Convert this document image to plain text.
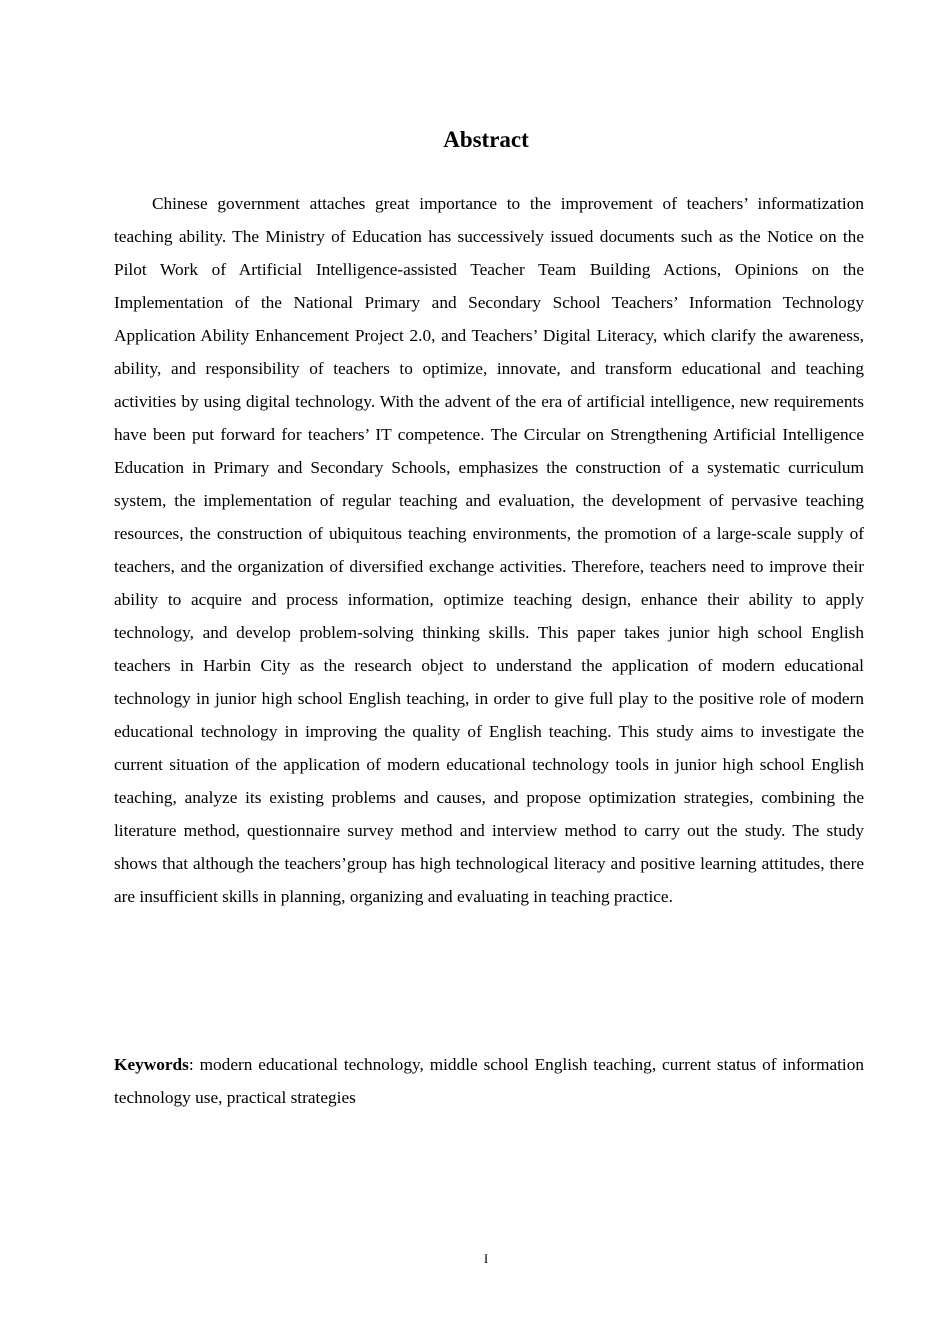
Abstract

Chinese government attaches great importance to the improvement of teachers’ informatization teaching ability. The Ministry of Education has successively issued documents such as the Notice on the Pilot Work of Artificial Intelligence-assisted Teacher Team Building Actions, Opinions on the Implementation of the National Primary and Secondary School Teachers’ Information Technology Application Ability Enhancement Project 2.0, and Teachers’ Digital Literacy, which clarify the awareness, ability, and responsibility of teachers to optimize, innovate, and transform educational and teaching activities by using digital technology. With the advent of the era of artificial intelligence, new requirements have been put forward for teachers’ IT competence. The Circular on Strengthening Artificial Intelligence Education in Primary and Secondary Schools, emphasizes the construction of a systematic curriculum system, the implementation of regular teaching and evaluation, the development of pervasive teaching resources, the construction of ubiquitous teaching environments, the promotion of a large-scale supply of teachers, and the organization of diversified exchange activities. Therefore, teachers need to improve their ability to acquire and process information, optimize teaching design, enhance their ability to apply technology, and develop problem-solving thinking skills. This paper takes junior high school English teachers in Harbin City as the research object to understand the application of modern educational technology in junior high school English teaching, in order to give full play to the positive role of modern educational technology in improving the quality of English teaching. This study aims to investigate the current situation of the application of modern educational technology tools in junior high school English teaching, analyze its existing problems and causes, and propose optimization strategies, combining the literature method, questionnaire survey method and interview method to carry out the study. The study shows that although the teachers’group has high technological literacy and positive learning attitudes, there are insufficient skills in planning, organizing and evaluating in teaching practice.

Keywords: modern educational technology, middle school English teaching, current status of information technology use, practical strategies

I
